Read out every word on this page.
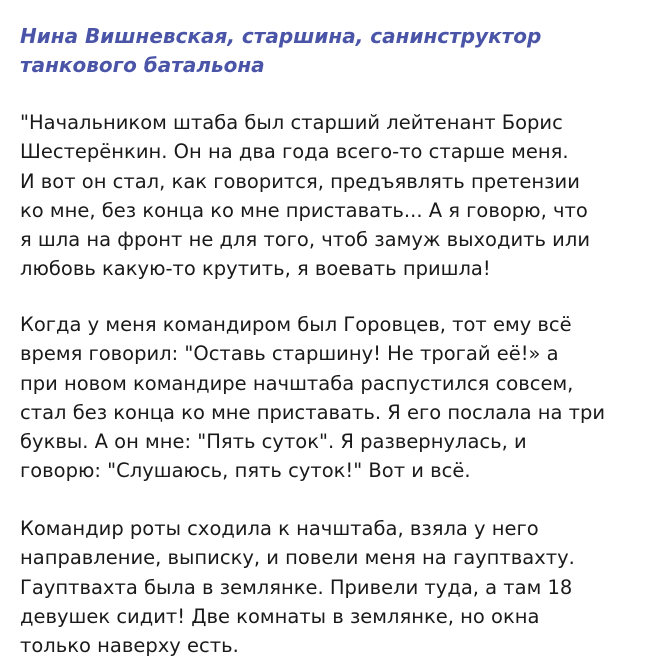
Нина Вишневская, старшина, санинструктор
танкового батальона

"Начальником штаба был старший лейтенант Борис
Шестерёнкин. Он на два года всего-то старше меня.
И вот он стал, как говорится, предъявлять претензии
ко мне, без конца ко мне приставать... А я говорю, что
я шла на фронт не для того, чтоб замуж выходить или
любовь какую-то крутить, я воевать пришла!

Когда у меня командиром был Горовцев, тот ему всё
время говорил: "Оставь старшину! Не трогай её!» а
при новом командире начштаба распустился совсем,
стал без конца ко мне приставать. Я его послала на три
буквы. А он мне: "Пять суток". Я развернулась, и
говорю: "Слушаюсь, пять суток!" Вот и всё.

Командир роты сходила к начштаба, взяла у него
направление, выписку, и повели меня на гауптвахту.
Гауптвахта была в землянке. Привели туда, а там 18
девушек сидит! Две комнаты в землянке, но окна
только наверху есть.
